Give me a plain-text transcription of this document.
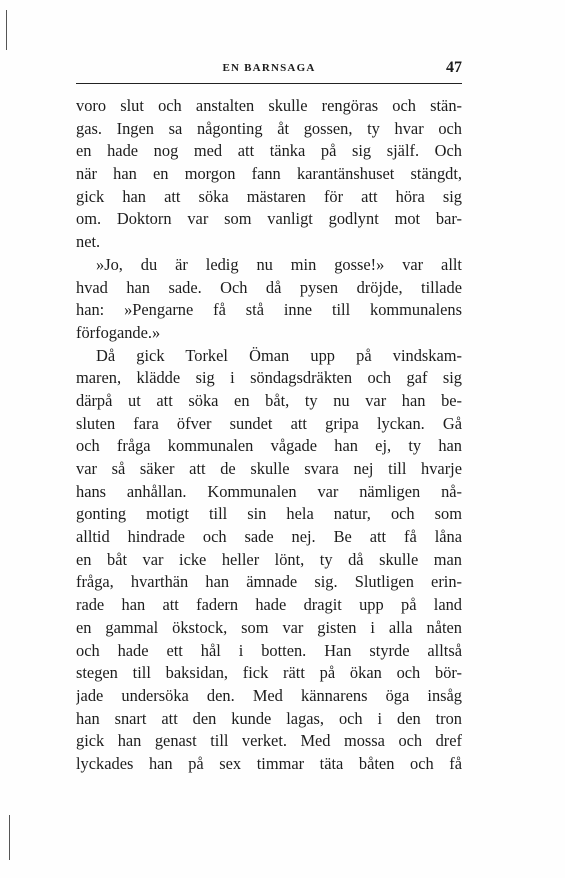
EN BARNSAGA	47
voro slut och anstalten skulle rengöras och stän-
gas. Ingen sa någonting åt gossen, ty hvar och
en hade nog med att tänka på sig själf. Och
när han en morgon fann karantänshuset stängdt,
gick han att söka mästaren för att höra sig
om. Doktorn var som vanligt godlynt mot bar-
net.
»Jo, du är ledig nu min gosse!» var allt
hvad han sade. Och då pysen dröjde, tillade
han: »Pengarne få stå inne till kommunalens
förfogande.»
Då gick Torkel Öman upp på vindskam-
maren, klädde sig i söndagsdräkten och gaf sig
därpå ut att söka en båt, ty nu var han be-
sluten fara öfver sundet att gripa lyckan. Gå
och fråga kommunalen vågade han ej, ty han
var så säker att de skulle svara nej till hvarje
hans anhållan. Kommunalen var nämligen nå-
gonting motigt till sin hela natur, och som
alltid hindrade och sade nej. Be att få låna
en båt var icke heller lönt, ty då skulle man
fråga, hvarthän han ämnade sig. Slutligen erin-
rade han att fadern hade dragit upp på land
en gammal ökstock, som var gisten i alla nåten
och hade ett hål i botten. Han styrde alltså
stegen till baksidan, fick rätt på ökan och bör-
jade undersöka den. Med kännarens öga insåg
han snart att den kunde lagas, och i den tron
gick han genast till verket. Med mossa och dref
lyckades han på sex timmar täta båten och få
